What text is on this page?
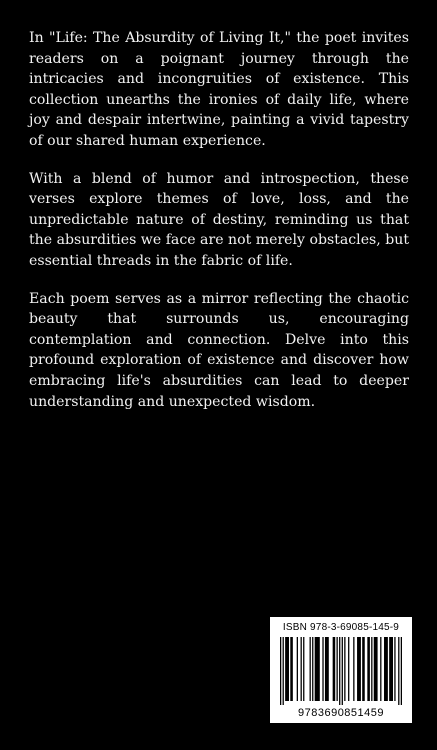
In "Life: The Absurdity of Living It," the poet invites readers on a poignant journey through the intricacies and incongruities of existence. This collection unearths the ironies of daily life, where joy and despair intertwine, painting a vivid tapestry of our shared human experience.

With a blend of humor and introspection, these verses explore themes of love, loss, and the unpredictable nature of destiny, reminding us that the absurdities we face are not merely obstacles, but essential threads in the fabric of life.

Each poem serves as a mirror reflecting the chaotic beauty that surrounds us, encouraging contemplation and connection. Delve into this profound exploration of existence and discover how embracing life's absurdities can lead to deeper understanding and unexpected wisdom.

ISBN 978-3-69085-145-9
9783690851459
